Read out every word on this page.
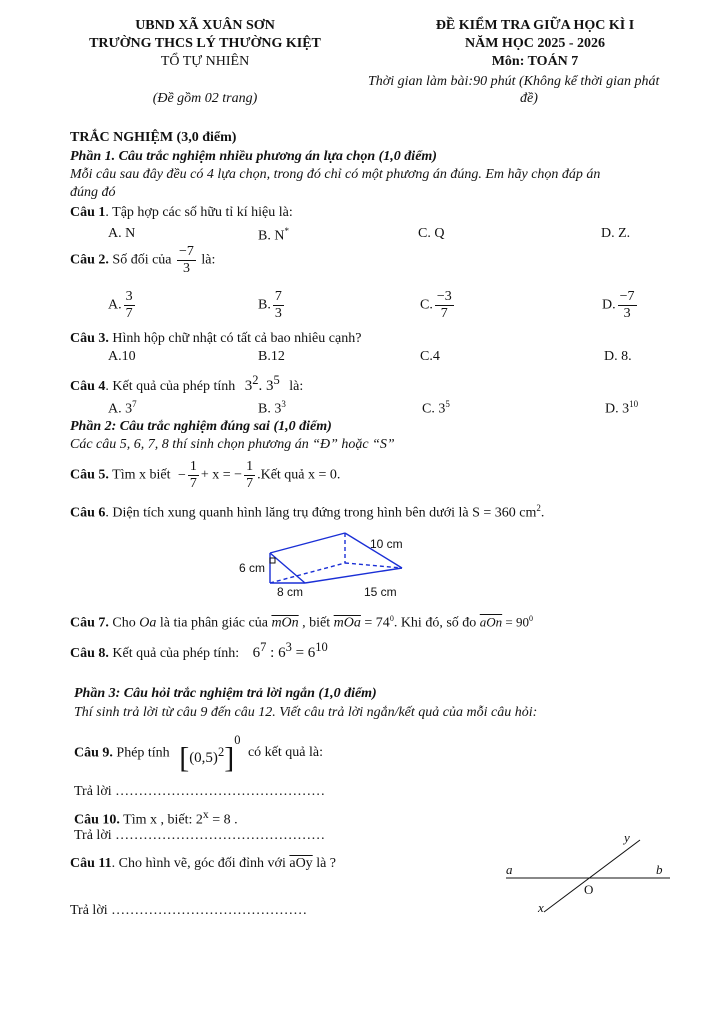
UBND XÃ XUÂN SƠN
TRƯỜNG THCS LÝ THƯỜNG KIỆT
TỔ TỰ NHIÊN
(Đề gồm 02 trang)
ĐỀ KIỂM TRA GIỮA HỌC KÌ I
NĂM HỌC 2025 - 2026
Môn: TOÁN 7
Thời gian làm bài:90 phút (Không kể thời gian phát
đề)
TRẮC NGHIỆM (3,0 điểm)
Phần 1. Câu trắc nghiệm nhiều phương án lựa chọn (1,0 điểm)
Mỗi câu sau đây đều có 4 lựa chọn, trong đó chỉ có một phương án đúng. Em hãy chọn đáp án
đúng đó
Câu 1. Tập hợp các số hữu tỉ kí hiệu là:
A. N	B. N*	C. Q	D. Z.
Câu 2. Số đối của $\frac{-7}{3}$ là:
A. $\frac{3}{7}$	B. $\frac{7}{3}$	C. $\frac{-3}{7}$	D. $\frac{-7}{3}$
Câu 3. Hình hộp chữ nhật có tất cả bao nhiêu cạnh?
A.10	B.12	C.4	D. 8.
Câu 4. Kết quả của phép tính $3^2$. $3^5$ là:
A. $3^7$	B. $3^3$	C. $3^5$	D. $3^{10}$
Phần 2: Câu trắc nghiệm đúng sai (1,0 điểm)
Các câu 5, 6, 7, 8 thí sinh chọn phương án “Đ” hoặc “S”
Câu 5. Tìm x biết − $\frac{1}{7} + x$ = − $\frac{1}{7}$ .Kết quả x = 0.
Câu 6. Diện tích xung quanh hình lăng trụ đứng trong hình bên dưới là S = 360 $cm^2$.
10 cm
6 cm
8 cm	15 cm
Câu 7. Cho Oa là tia phân giác của $\overline{mOn}$ , biết $\overline{mOa} = 74^0$. Khi đó, số đo $\overline{aOn} = 90^0$
Câu 8. Kết quả của phép tính: $6^7$ : $6^3 = 6^{10}$
Phần 3: Câu hỏi trắc nghiệm trả lời ngắn (1,0 điểm)
Thí sinh trả lời từ câu 9 đến câu 12. Viết câu trả lời ngắn/kết quả của mỗi câu hỏi:
Câu 9. Phép tính $[(0,5)^2]^0$ có kết quả là:
Trả lời ………………………………………
Câu 10. Tìm x , biết: $2^x = 8$ .
Trả lời ………………………………………
Câu 11. Cho hình vẽ, góc đối đỉnh với $\overline{aOy}$ là ?
Trả lời ……………………………………
a	b
y
x
O
